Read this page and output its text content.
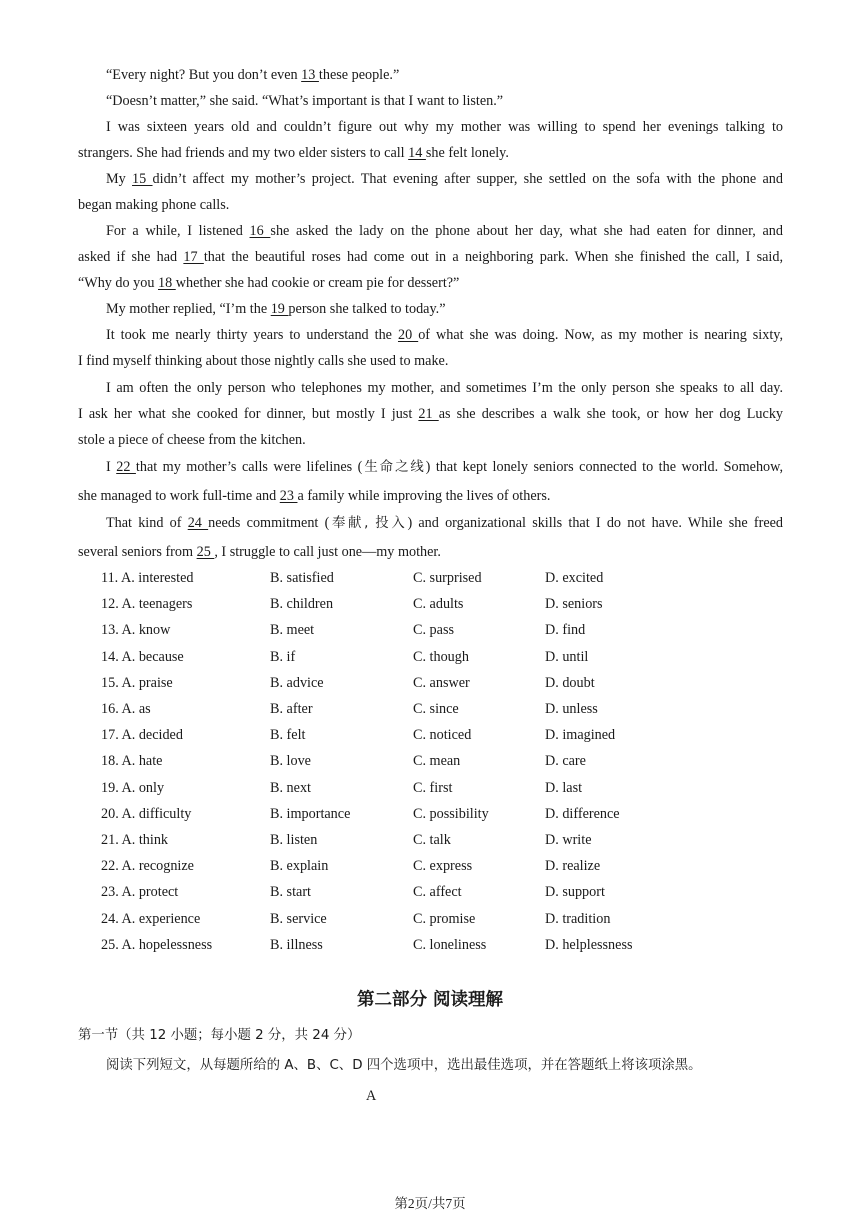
“Every night? But you don’t even 13 these people.”
“Doesn’t matter,” she said. “What’s important is that I want to listen.”
I was sixteen years old and couldn’t figure out why my mother was willing to spend her evenings talking to
strangers. She had friends and my two elder sisters to call 14 she felt lonely.
My 15 didn’t affect my mother’s project. That evening after supper, she settled on the sofa with the phone and
began making phone calls.
For a while, I listened 16 she asked the lady on the phone about her day, what she had eaten for dinner, and
asked if she had 17 that the beautiful roses had come out in a neighboring park. When she finished the call, I said,
“Why do you 18 whether she had cookie or cream pie for dessert?”
My mother replied, “I’m the 19 person she talked to today.”
It took me nearly thirty years to understand the 20 of what she was doing. Now, as my mother is nearing sixty,
I find myself thinking about those nightly calls she used to make.
I am often the only person who telephones my mother, and sometimes I’m the only person she speaks to all day.
I ask her what she cooked for dinner, but mostly I just 21 as she describes a walk she took, or how her dog Lucky
stole a piece of cheese from the kitchen.
I 22 that my mother’s calls were lifelines (生命之线) that kept lonely seniors connected to the world. Somehow,
she managed to work full-time and 23 a family while improving the lives of others.
That kind of 24 needs commitment (奉献, 投入) and organizational skills that I do not have. While she freed
several seniors from 25 , I struggle to call just one—my mother.
11. A. interested	B. satisfied	C. surprised	D. excited
12. A. teenagers	B. children	C. adults	D. seniors
13. A. know	B. meet	C. pass	D. find
14. A. because	B. if	C. though	D. until
15. A. praise	B. advice	C. answer	D. doubt
16. A. as	B. after	C. since	D. unless
17. A. decided	B. felt	C. noticed	D. imagined
18. A. hate	B. love	C. mean	D. care
19. A. only	B. next	C. first	D. last
20. A. difficulty	B. importance	C. possibility	D. difference
21. A. think	B. listen	C. talk	D. write
22. A. recognize	B. explain	C. express	D. realize
23. A. protect	B. start	C. affect	D. support
24. A. experience	B. service	C. promise	D. tradition
25. A. hopelessness	B. illness	C. loneliness	D. helplessness
第二部分 阅读理解
第一节（共 12 小题；每小题 2 分，共 24 分）
阅读下列短文，从每题所给的 A、B、C、D 四个选项中，选出最佳选项，并在答题纸上将该项涂黑。
A
第2页/共7页
